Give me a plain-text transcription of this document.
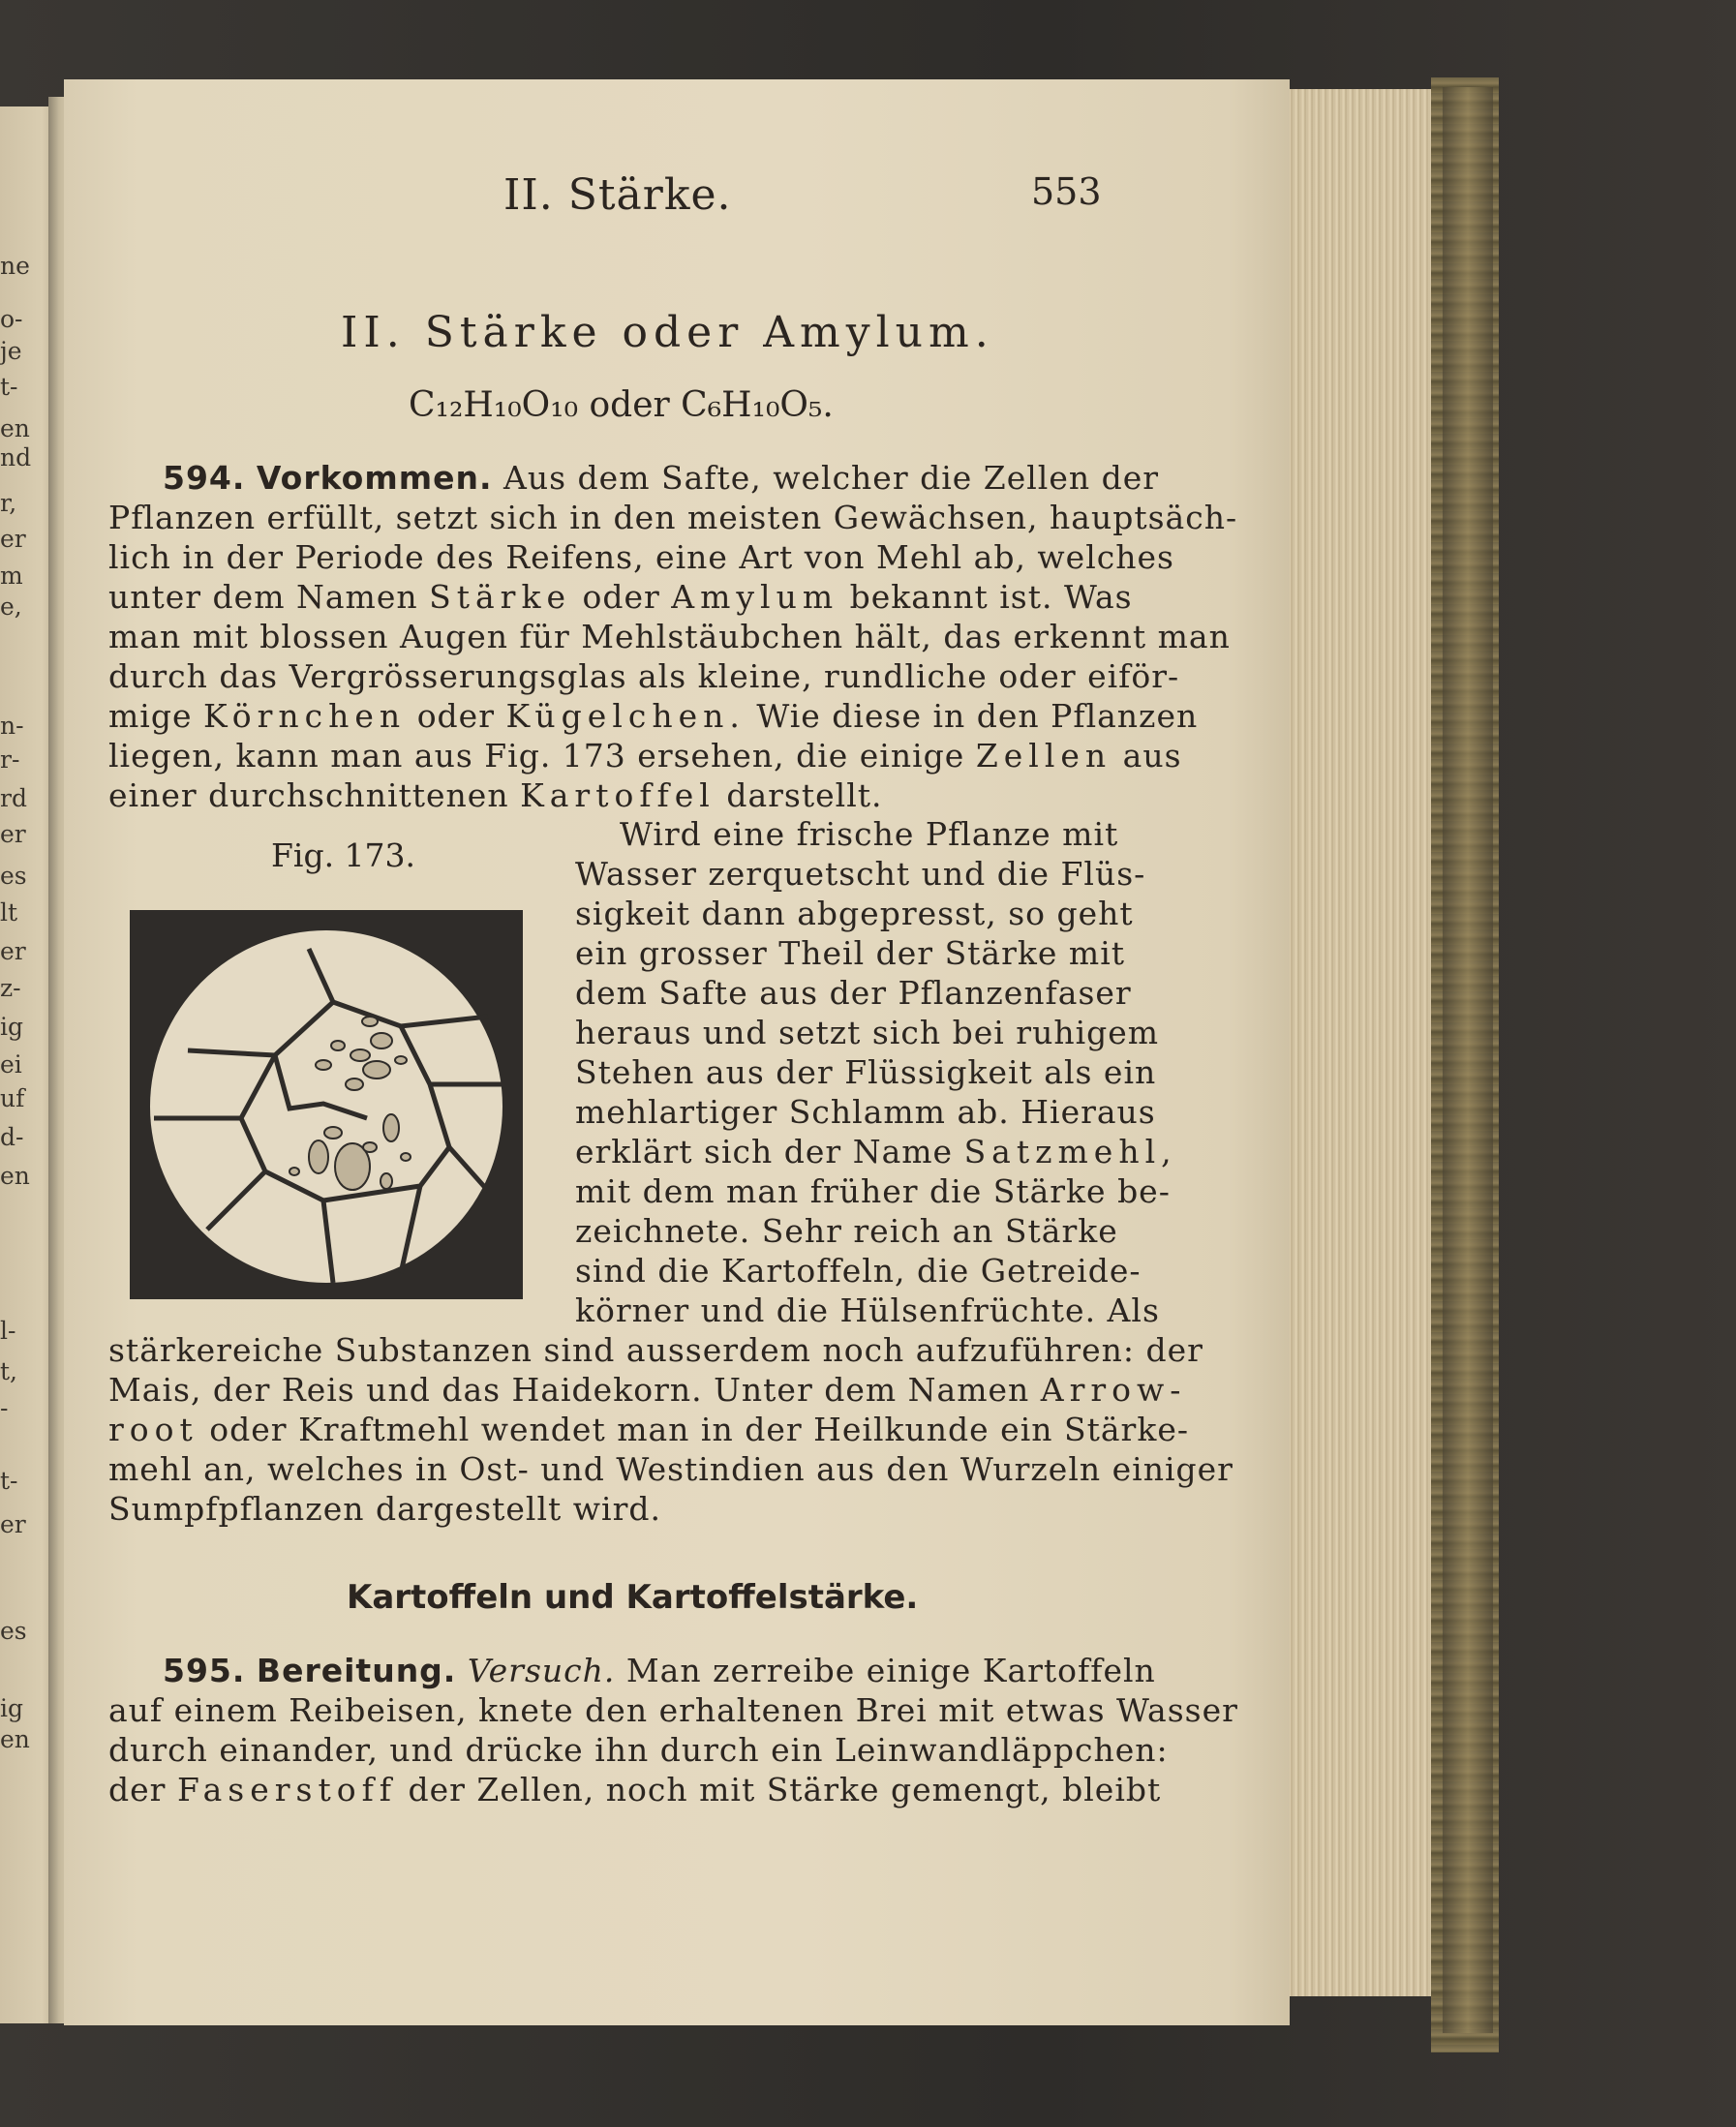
ne
o-
je
t-
en
nd
r,
er
m
e,
n-
r-
rd
er
es
lt
er
z-
ig
ei
uf
d-
en
l-
t,
-
t-
er
es
ig
en
II. Stärke.	553
II. Stärke oder Amylum.
C₁₂H₁₀O₁₀ oder C₆H₁₀O₅.
594. Vorkommen. Aus dem Safte, welcher die Zellen der
Pflanzen erfüllt, setzt sich in den meisten Gewächsen, hauptsäch-
lich in der Periode des Reifens, eine Art von Mehl ab, welches
unter dem Namen Stärke oder Amylum bekannt ist. Was
man mit blossen Augen für Mehlstäubchen hält, das erkennt man
durch das Vergrösserungsglas als kleine, rundliche oder eiför-
mige Körnchen oder Kügelchen. Wie diese in den Pflanzen
liegen, kann man aus Fig. 173 ersehen, die einige Zellen aus
einer durchschnittenen Kartoffel darstellt.
Fig. 173.
Wird eine frische Pflanze mit
Wasser zerquetscht und die Flüs-
sigkeit dann abgepresst, so geht
ein grosser Theil der Stärke mit
dem Safte aus der Pflanzenfaser
heraus und setzt sich bei ruhigem
Stehen aus der Flüssigkeit als ein
mehlartiger Schlamm ab. Hieraus
erklärt sich der Name Satzmehl,
mit dem man früher die Stärke be-
zeichnete. Sehr reich an Stärke
sind die Kartoffeln, die Getreide-
körner und die Hülsenfrüchte. Als
stärkereiche Substanzen sind ausserdem noch aufzuführen: der
Mais, der Reis und das Haidekorn. Unter dem Namen Arrow-
root oder Kraftmehl wendet man in der Heilkunde ein Stärke-
mehl an, welches in Ost- und Westindien aus den Wurzeln einiger
Sumpfpflanzen dargestellt wird.
Kartoffeln und Kartoffelstärke.
595. Bereitung. Versuch. Man zerreibe einige Kartoffeln
auf einem Reibeisen, knete den erhaltenen Brei mit etwas Wasser
durch einander, und drücke ihn durch ein Leinwandläppchen:
der Faserstoff der Zellen, noch mit Stärke gemengt, bleibt
